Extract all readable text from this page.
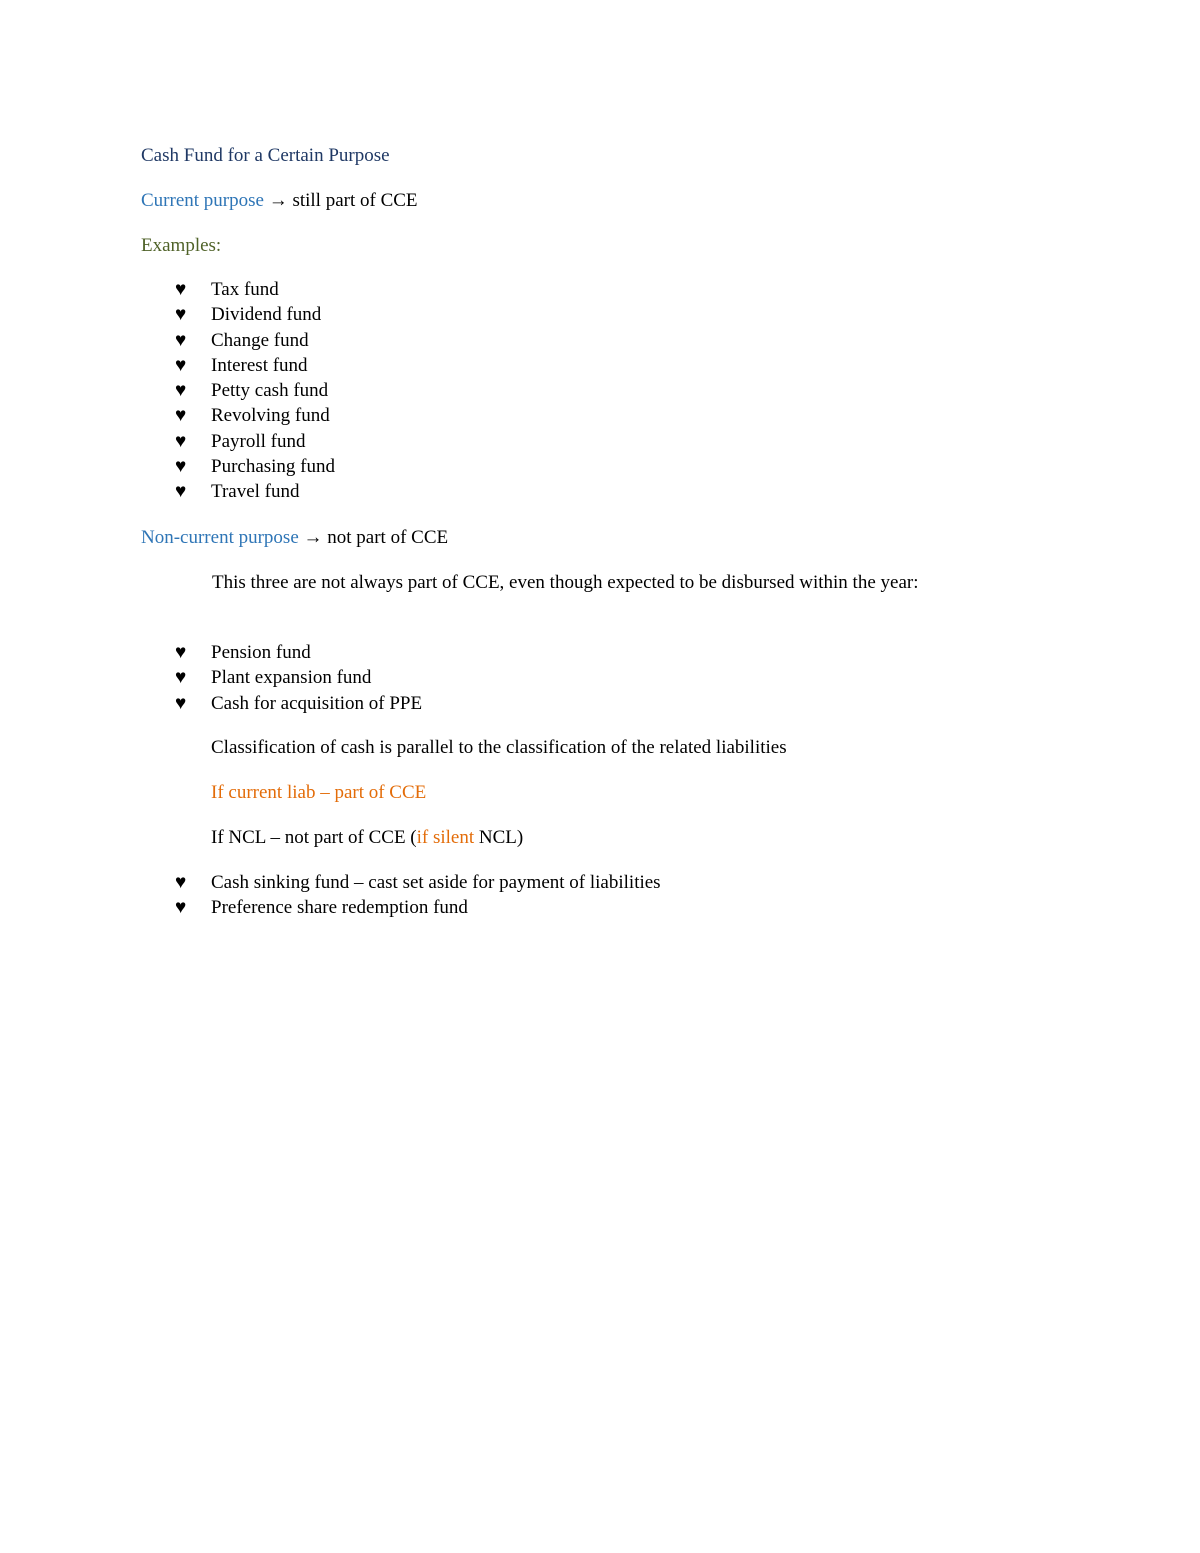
Cash Fund for a Certain Purpose
Current purpose → still part of CCE
Examples:
♥	Tax fund
♥	Dividend fund
♥	Change fund
♥	Interest fund
♥	Petty cash fund
♥	Revolving fund
♥	Payroll fund
♥	Purchasing fund
♥	Travel fund
Non-current purpose → not part of CCE
This three are not always part of CCE, even though expected to be disbursed within the year:
♥	Pension fund
♥	Plant expansion fund
♥	Cash for acquisition of PPE
Classification of cash is parallel to the classification of the related liabilities
If current liab – part of CCE
If NCL – not part of CCE (if silent NCL)
♥	Cash sinking fund – cast set aside for payment of liabilities
♥	Preference share redemption fund
